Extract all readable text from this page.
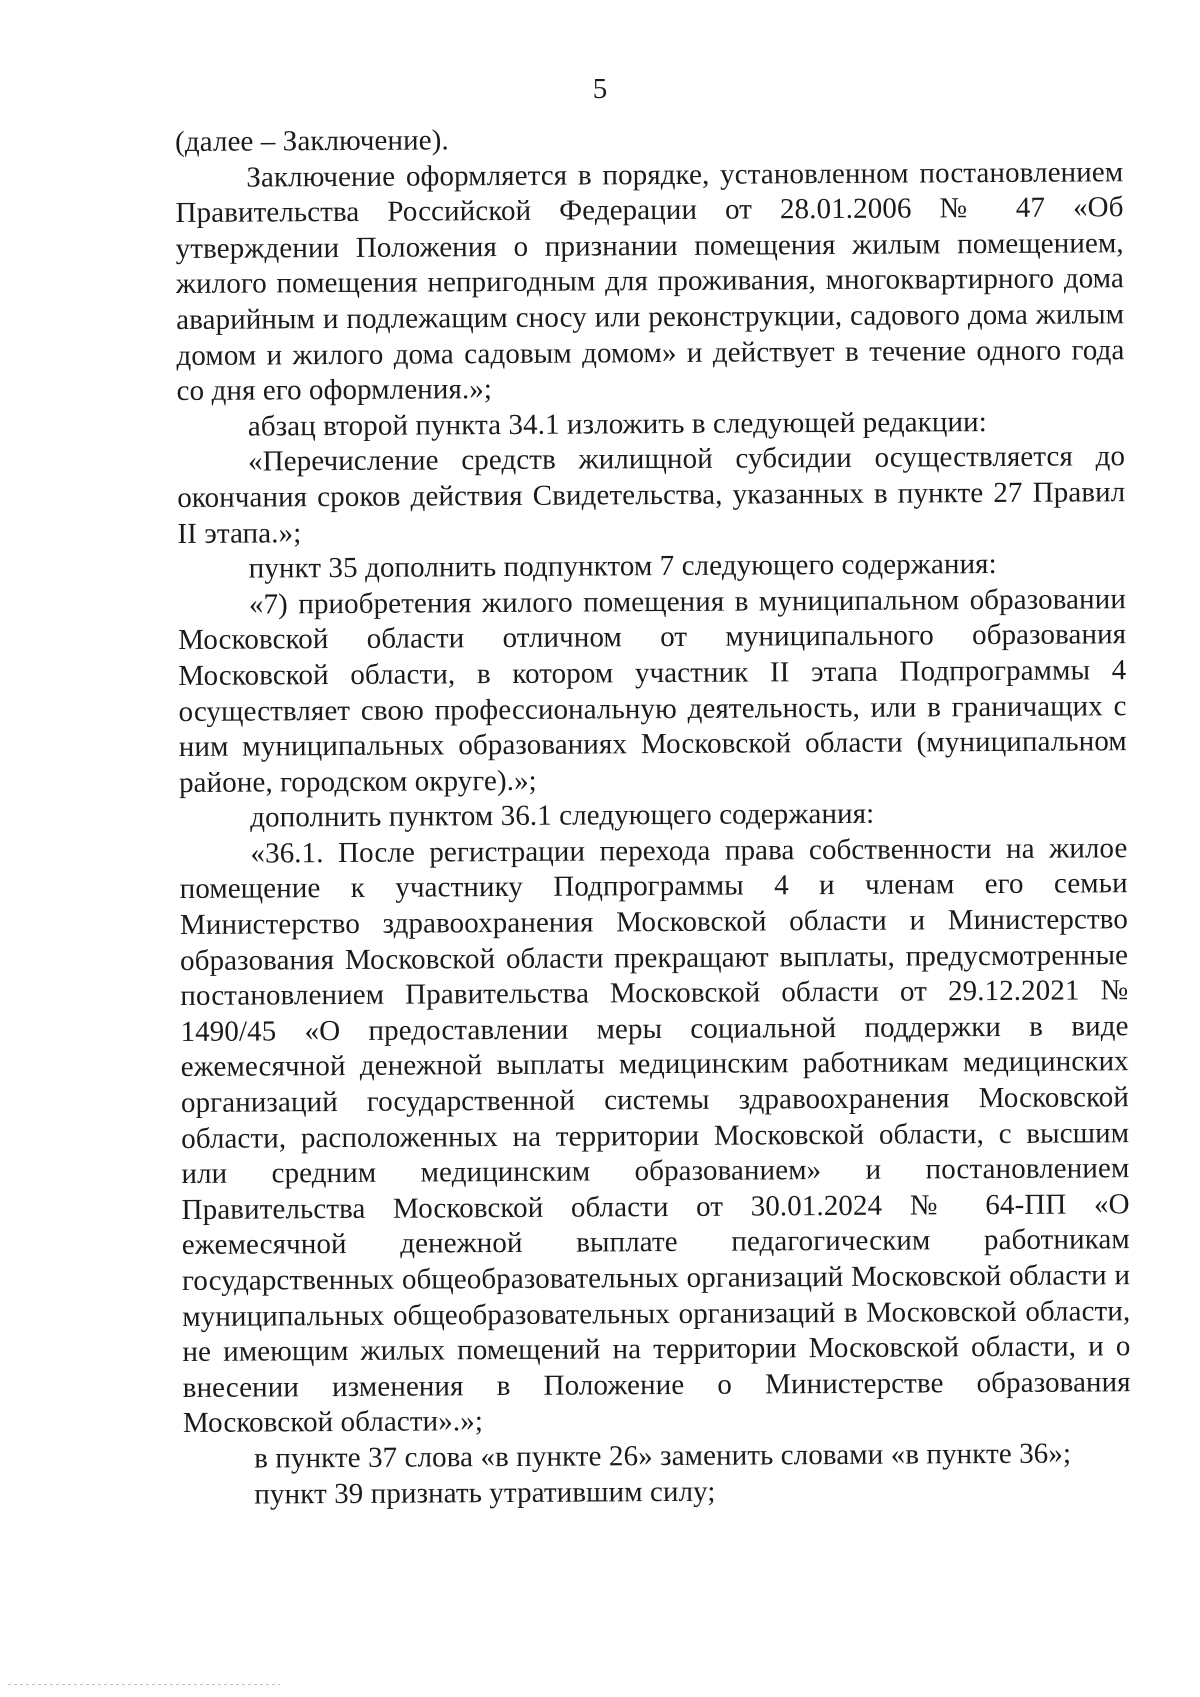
5

(далее – Заключение).

Заключение оформляется в порядке, установленном постановлением Правительства Российской Федерации от 28.01.2006 № 47 «Об утверждении Положения о признании помещения жилым помещением, жилого помещения непригодным для проживания, многоквартирного дома аварийным и подлежащим сносу или реконструкции, садового дома жилым домом и жилого дома садовым домом» и действует в течение одного года со дня его оформления.»;

абзац второй пункта 34.1 изложить в следующей редакции:

«Перечисление средств жилищной субсидии осуществляется до окончания сроков действия Свидетельства, указанных в пункте 27 Правил II этапа.»;

пункт 35 дополнить подпунктом 7 следующего содержания:

«7) приобретения жилого помещения в муниципальном образовании Московской области отличном от муниципального образования Московской области, в котором участник II этапа Подпрограммы 4 осуществляет свою профессиональную деятельность, или в граничащих с ним муниципальных образованиях Московской области (муниципальном районе, городском округе).»;

дополнить пунктом 36.1 следующего содержания:

«36.1. После регистрации перехода права собственности на жилое помещение к участнику Подпрограммы 4 и членам его семьи Министерство здравоохранения Московской области и Министерство образования Московской области прекращают выплаты, предусмотренные постановлением Правительства Московской области от 29.12.2021 № 1490/45 «О предоставлении меры социальной поддержки в виде ежемесячной денежной выплаты медицинским работникам медицинских организаций государственной системы здравоохранения Московской области, расположенных на территории Московской области, с высшим или средним медицинским образованием» и постановлением Правительства Московской области от 30.01.2024 № 64-ПП «О ежемесячной денежной выплате педагогическим работникам государственных общеобразовательных организаций Московской области и муниципальных общеобразовательных организаций в Московской области, не имеющим жилых помещений на территории Московской области, и о внесении изменения в Положение о Министерстве образования Московской области».»;

в пункте 37 слова «в пункте 26» заменить словами «в пункте 36»;

пункт 39 признать утратившим силу;
